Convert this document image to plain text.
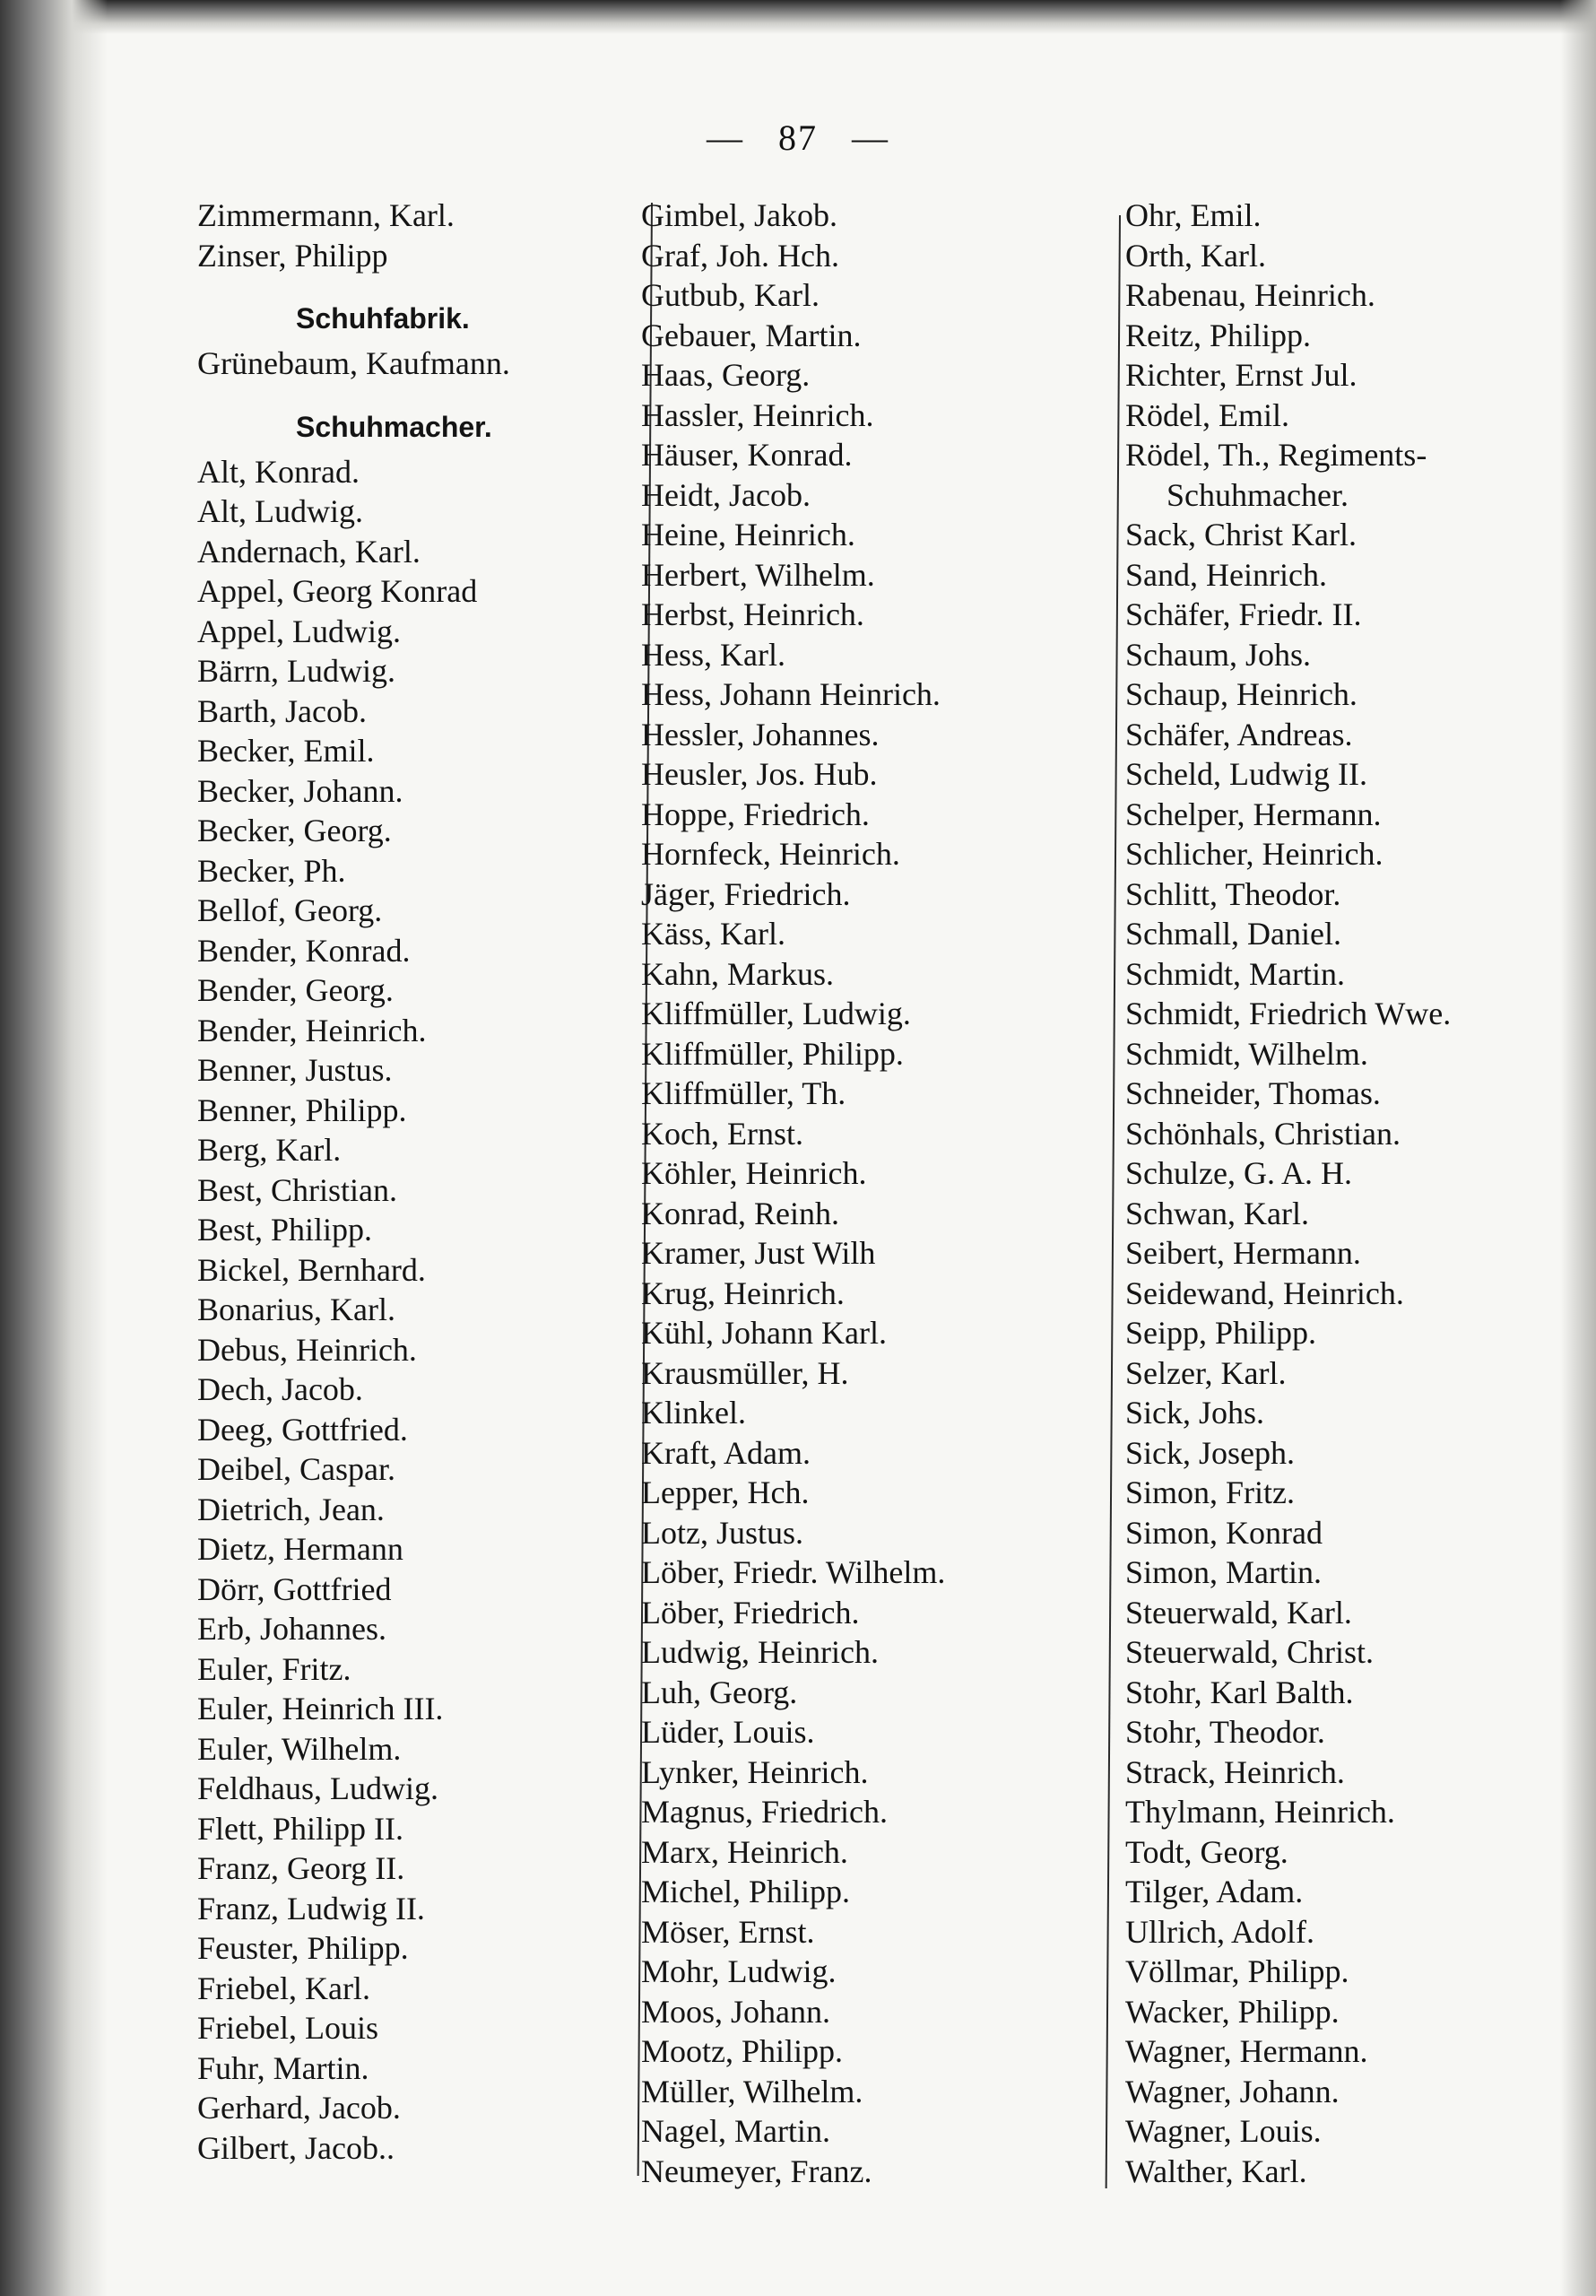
— 87 —
Zimmermann, Karl.
Zinser, Philipp
Schuhfabrik.
Grünebaum, Kaufmann.
Schuhmacher.
Alt, Konrad.
Alt, Ludwig.
Andernach, Karl.
Appel, Georg Konrad
Appel, Ludwig.
Bärrn, Ludwig.
Barth, Jacob.
Becker, Emil.
Becker, Johann.
Becker, Georg.
Becker, Ph.
Bellof, Georg.
Bender, Konrad.
Bender, Georg.
Bender, Heinrich.
Benner, Justus.
Benner, Philipp.
Berg, Karl.
Best, Christian.
Best, Philipp.
Bickel, Bernhard.
Bonarius, Karl.
Debus, Heinrich.
Dech, Jacob.
Deeg, Gottfried.
Deibel, Caspar.
Dietrich, Jean.
Dietz, Hermann
Dörr, Gottfried
Erb, Johannes.
Euler, Fritz.
Euler, Heinrich III.
Euler, Wilhelm.
Feldhaus, Ludwig.
Flett, Philipp II.
Franz, Georg II.
Franz, Ludwig II.
Feuster, Philipp.
Friebel, Karl.
Friebel, Louis
Fuhr, Martin.
Gerhard, Jacob.
Gilbert, Jacob..
Gimbel, Jakob.
Graf, Joh. Hch.
Gutbub, Karl.
Gebauer, Martin.
Haas, Georg.
Hassler, Heinrich.
Häuser, Konrad.
Heidt, Jacob.
Heine, Heinrich.
Herbert, Wilhelm.
Herbst, Heinrich.
Hess, Karl.
Hess, Johann Heinrich.
Hessler, Johannes.
Heusler, Jos. Hub.
Hoppe, Friedrich.
Hornfeck, Heinrich.
Jäger, Friedrich.
Käss, Karl.
Kahn, Markus.
Kliffmüller, Ludwig.
Kliffmüller, Philipp.
Kliffmüller, Th.
Koch, Ernst.
Köhler, Heinrich.
Konrad, Reinh.
Kramer, Just Wilh
Krug, Heinrich.
Kühl, Johann Karl.
Krausmüller, H.
Klinkel.
Kraft, Adam.
Lepper, Hch.
Lotz, Justus.
Löber, Friedr. Wilhelm.
Löber, Friedrich.
Ludwig, Heinrich.
Luh, Georg.
Lüder, Louis.
Lynker, Heinrich.
Magnus, Friedrich.
Marx, Heinrich.
Michel, Philipp.
Möser, Ernst.
Mohr, Ludwig.
Moos, Johann.
Mootz, Philipp.
Müller, Wilhelm.
Nagel, Martin.
Neumeyer, Franz.
Ohr, Emil.
Orth, Karl.
Rabenau, Heinrich.
Reitz, Philipp.
Richter, Ernst Jul.
Rödel, Emil.
Rödel, Th., Regiments-
Schuhmacher.
Sack, Christ Karl.
Sand, Heinrich.
Schäfer, Friedr. II.
Schaum, Johs.
Schaup, Heinrich.
Schäfer, Andreas.
Scheld, Ludwig II.
Schelper, Hermann.
Schlicher, Heinrich.
Schlitt, Theodor.
Schmall, Daniel.
Schmidt, Martin.
Schmidt, Friedrich Wwe.
Schmidt, Wilhelm.
Schneider, Thomas.
Schönhals, Christian.
Schulze, G. A. H.
Schwan, Karl.
Seibert, Hermann.
Seidewand, Heinrich.
Seipp, Philipp.
Selzer, Karl.
Sick, Johs.
Sick, Joseph.
Simon, Fritz.
Simon, Konrad
Simon, Martin.
Steuerwald, Karl.
Steuerwald, Christ.
Stohr, Karl Balth.
Stohr, Theodor.
Strack, Heinrich.
Thylmann, Heinrich.
Todt, Georg.
Tilger, Adam.
Ullrich, Adolf.
Völlmar, Philipp.
Wacker, Philipp.
Wagner, Hermann.
Wagner, Johann.
Wagner, Louis.
Walther, Karl.
